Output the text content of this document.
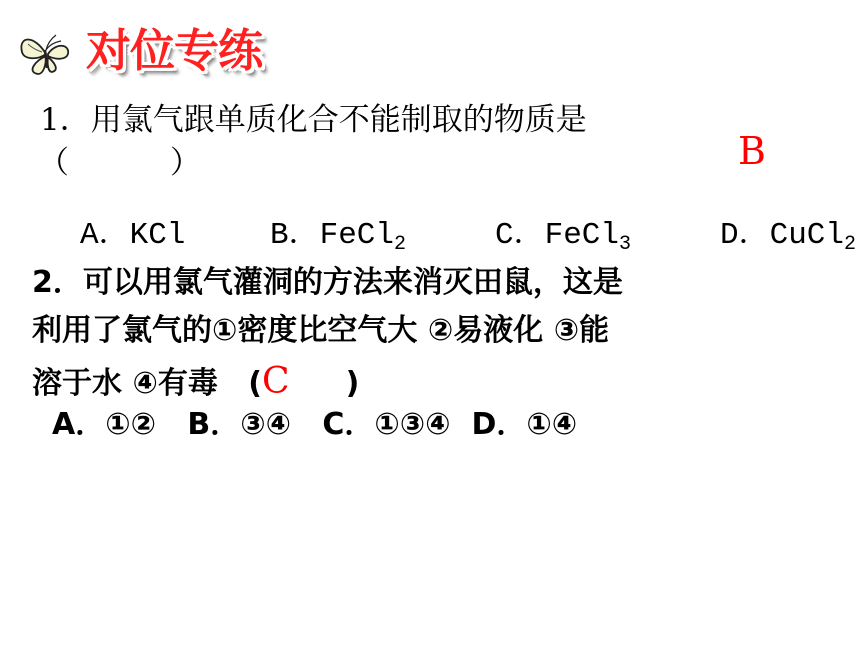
对位专练
1．用氯气跟单质化合不能制取的物质是
（　　　）	B
A．KCl	B．FeCl$_2$	C．FeCl$_3$	D．CuCl$_2$
2．可以用氯气灌洞的方法来消灭田鼠，这是
利用了氯气的①密度比空气大 ②易液化 ③能
溶于水 ④有毒 (C )
A．①②   B．③④   C．①③④  D．①④
